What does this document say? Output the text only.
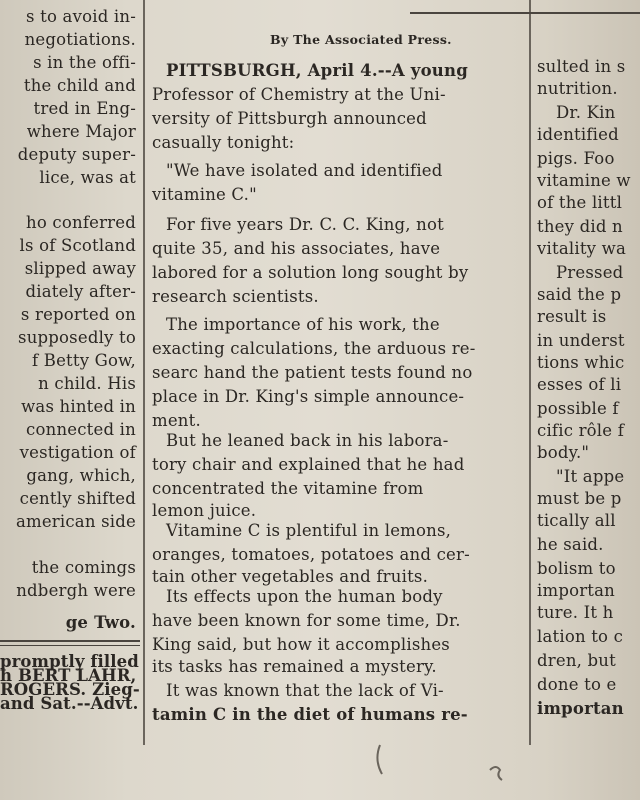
By The Associated Press.
s to avoid in-
negotiations.
s in the offi-
the child and
tred in Eng-
where Major
deputy super-
lice, was at
ho conferred
ls of Scotland
slipped away
diately after-
s reported on
supposedly to
f Betty Gow,
n child. His
was hinted in
connected in
vestigation of
gang, which,
cently shifted
american side
the comings
ndbergh were
ge Two.
promptly filled
h BERT LAHR,
ROGERS. Zieg-
and Sat.--Advt.
PITTSBURGH, April 4.--A young
Professor of Chemistry at the Uni-
versity of Pittsburgh announced
casually tonight:
"We have isolated and identified
vitamine C."
For five years Dr. C. C. King, not
quite 35, and his associates, have
labored for a solution long sought by
research scientists.
The importance of his work, the
exacting calculations, the arduous re-
searc hand the patient tests found no
place in Dr. King's simple announce-
ment.
But he leaned back in his labora-
tory chair and explained that he had
concentrated the vitamine from
lemon juice.
Vitamine C is plentiful in lemons,
oranges, tomatoes, potatoes and cer-
tain other vegetables and fruits.
Its effects upon the human body
have been known for some time, Dr.
King said, but how it accomplishes
its tasks has remained a mystery.
It was known that the lack of Vi-
tamin C in the diet of humans re-
sulted in s
nutrition.
Dr. Kin
identified
pigs. Foo
vitamine w
of the littl
they did n
vitality wa
Pressed
said the p
result is
in underst
tions whic
esses of li
possible f
cific rôle f
body."
"It appe
must be p
tically all
he said.
bolism to
importan
ture. It h
lation to c
dren, but
done to e
importan
